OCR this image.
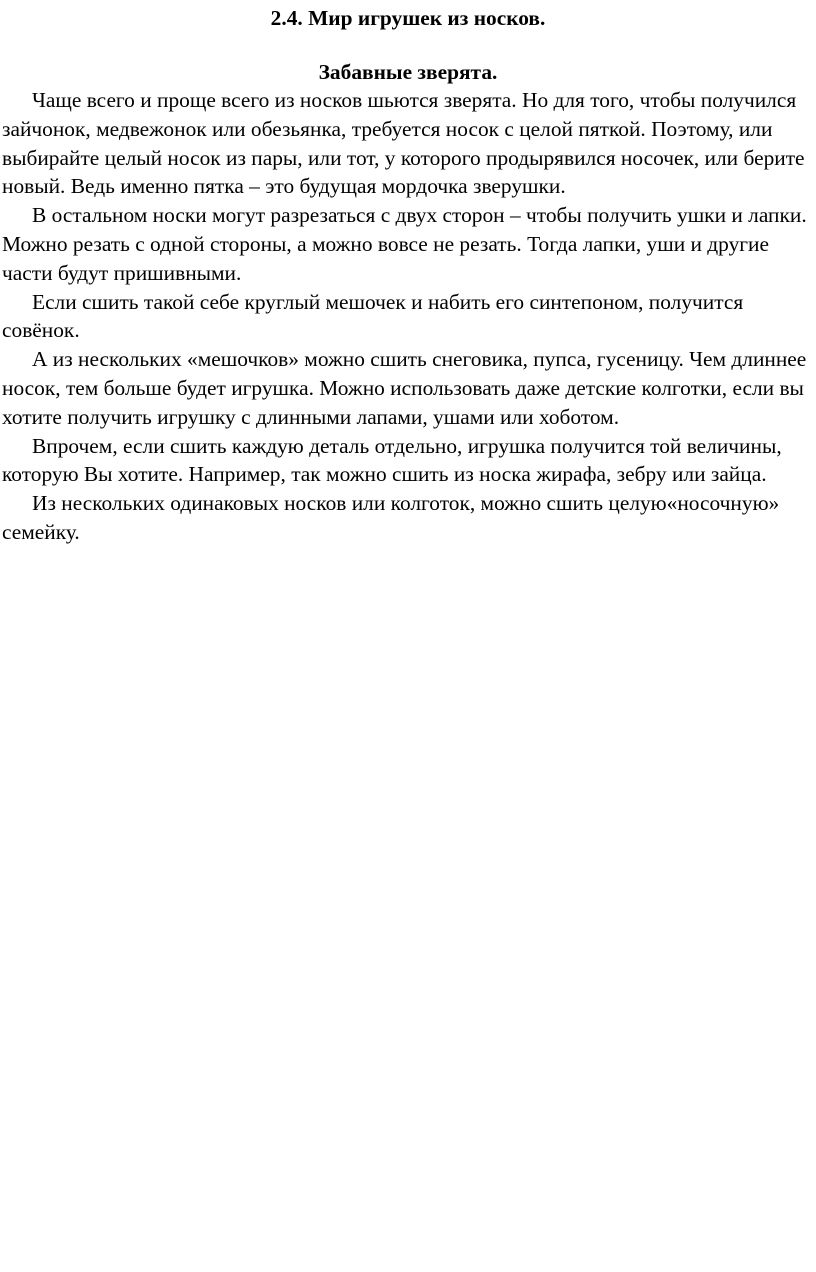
2.4. Мир игрушек из носков.
Забавные зверята.

Чаще всего и проще всего из носков шьются зверята. Но для того, чтобы получился зайчонок, медвежонок или обезьянка, требуется носок с целой пяткой. Поэтому, или выбирайте целый носок из пары, или тот, у которого продырявился носочек, или берите новый. Ведь именно пятка – это будущая мордочка зверушки.

В остальном носки могут разрезаться с двух сторон – чтобы получить ушки и лапки. Можно резать с одной стороны, а можно вовсе не резать. Тогда лапки, уши и другие части будут пришивными.

Если сшить такой себе круглый мешочек и набить его синтепоном, получится совёнок.

А из нескольких «мешочков» можно сшить снеговика, пупса, гусеницу. Чем длиннее носок, тем больше будет игрушка. Можно использовать даже детские колготки, если вы хотите получить игрушку с длинными лапами, ушами или хоботом.

Впрочем, если сшить каждую деталь отдельно, игрушка получится той величины, которую Вы хотите. Например, так можно сшить из носка жирафа, зебру или зайца.

Из нескольких одинаковых носков или колготок, можно сшить целую«носочную» семейку.
